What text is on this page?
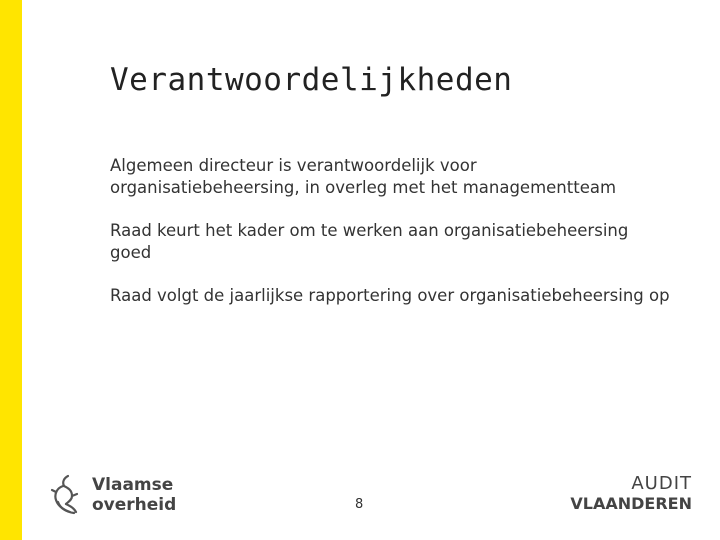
Verantwoordelijkheden
Algemeen directeur is verantwoordelijk voor organisatiebeheersing, in overleg met het managementteam
Raad keurt het kader om te werken aan organisatiebeheersing goed
Raad volgt de jaarlijkse rapportering over organisatiebeheersing op
Vlaamse
overheid	8
AUDIT
VLAANDEREN
